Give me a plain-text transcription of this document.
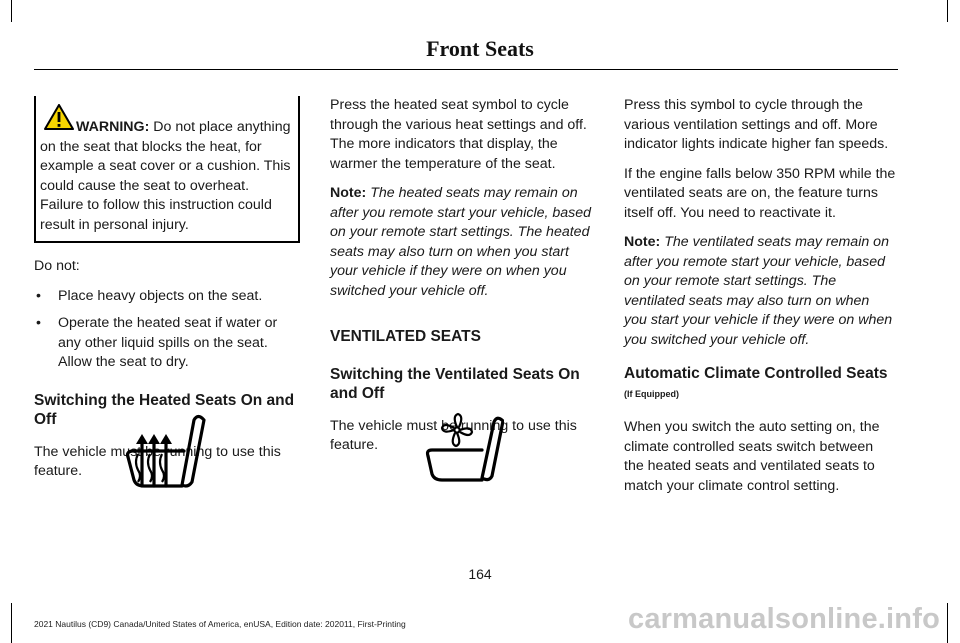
Front Seats

WARNING: Do not place anything on the seat that blocks the heat, for example a seat cover or a cushion. This could cause the seat to overheat. Failure to follow this instruction could result in personal injury.

Do not:

• Place heavy objects on the seat.
• Operate the heated seat if water or any other liquid spills on the seat. Allow the seat to dry.
Switching the Heated Seats On and Off

The vehicle must be running to use this feature.

Press the heated seat symbol to cycle through the various heat settings and off. The more indicators that display, the warmer the temperature of the seat.

Note: The heated seats may remain on after you remote start your vehicle, based on your remote start settings. The heated seats may also turn on when you start your vehicle if they were on when you switched your vehicle off.

VENTILATED SEATS
Switching the Ventilated Seats On and Off

The vehicle must be running to use this feature.

Press this symbol to cycle through the various ventilation settings and off. More indicator lights indicate higher fan speeds.

If the engine falls below 350 RPM while the ventilated seats are on, the feature turns itself off. You need to reactivate it.

Note: The ventilated seats may remain on after you remote start your vehicle, based on your remote start settings. The ventilated seats may also turn on when you start your vehicle if they were on when you switched your vehicle off.

Automatic Climate Controlled Seats (If Equipped)

When you switch the auto setting on, the climate controlled seats switch between the heated seats and ventilated seats to match your climate control setting.

164
2021 Nautilus (CD9) Canada/United States of America, enUSA, Edition date: 202011, First-Printing	carmanualsonline.info
